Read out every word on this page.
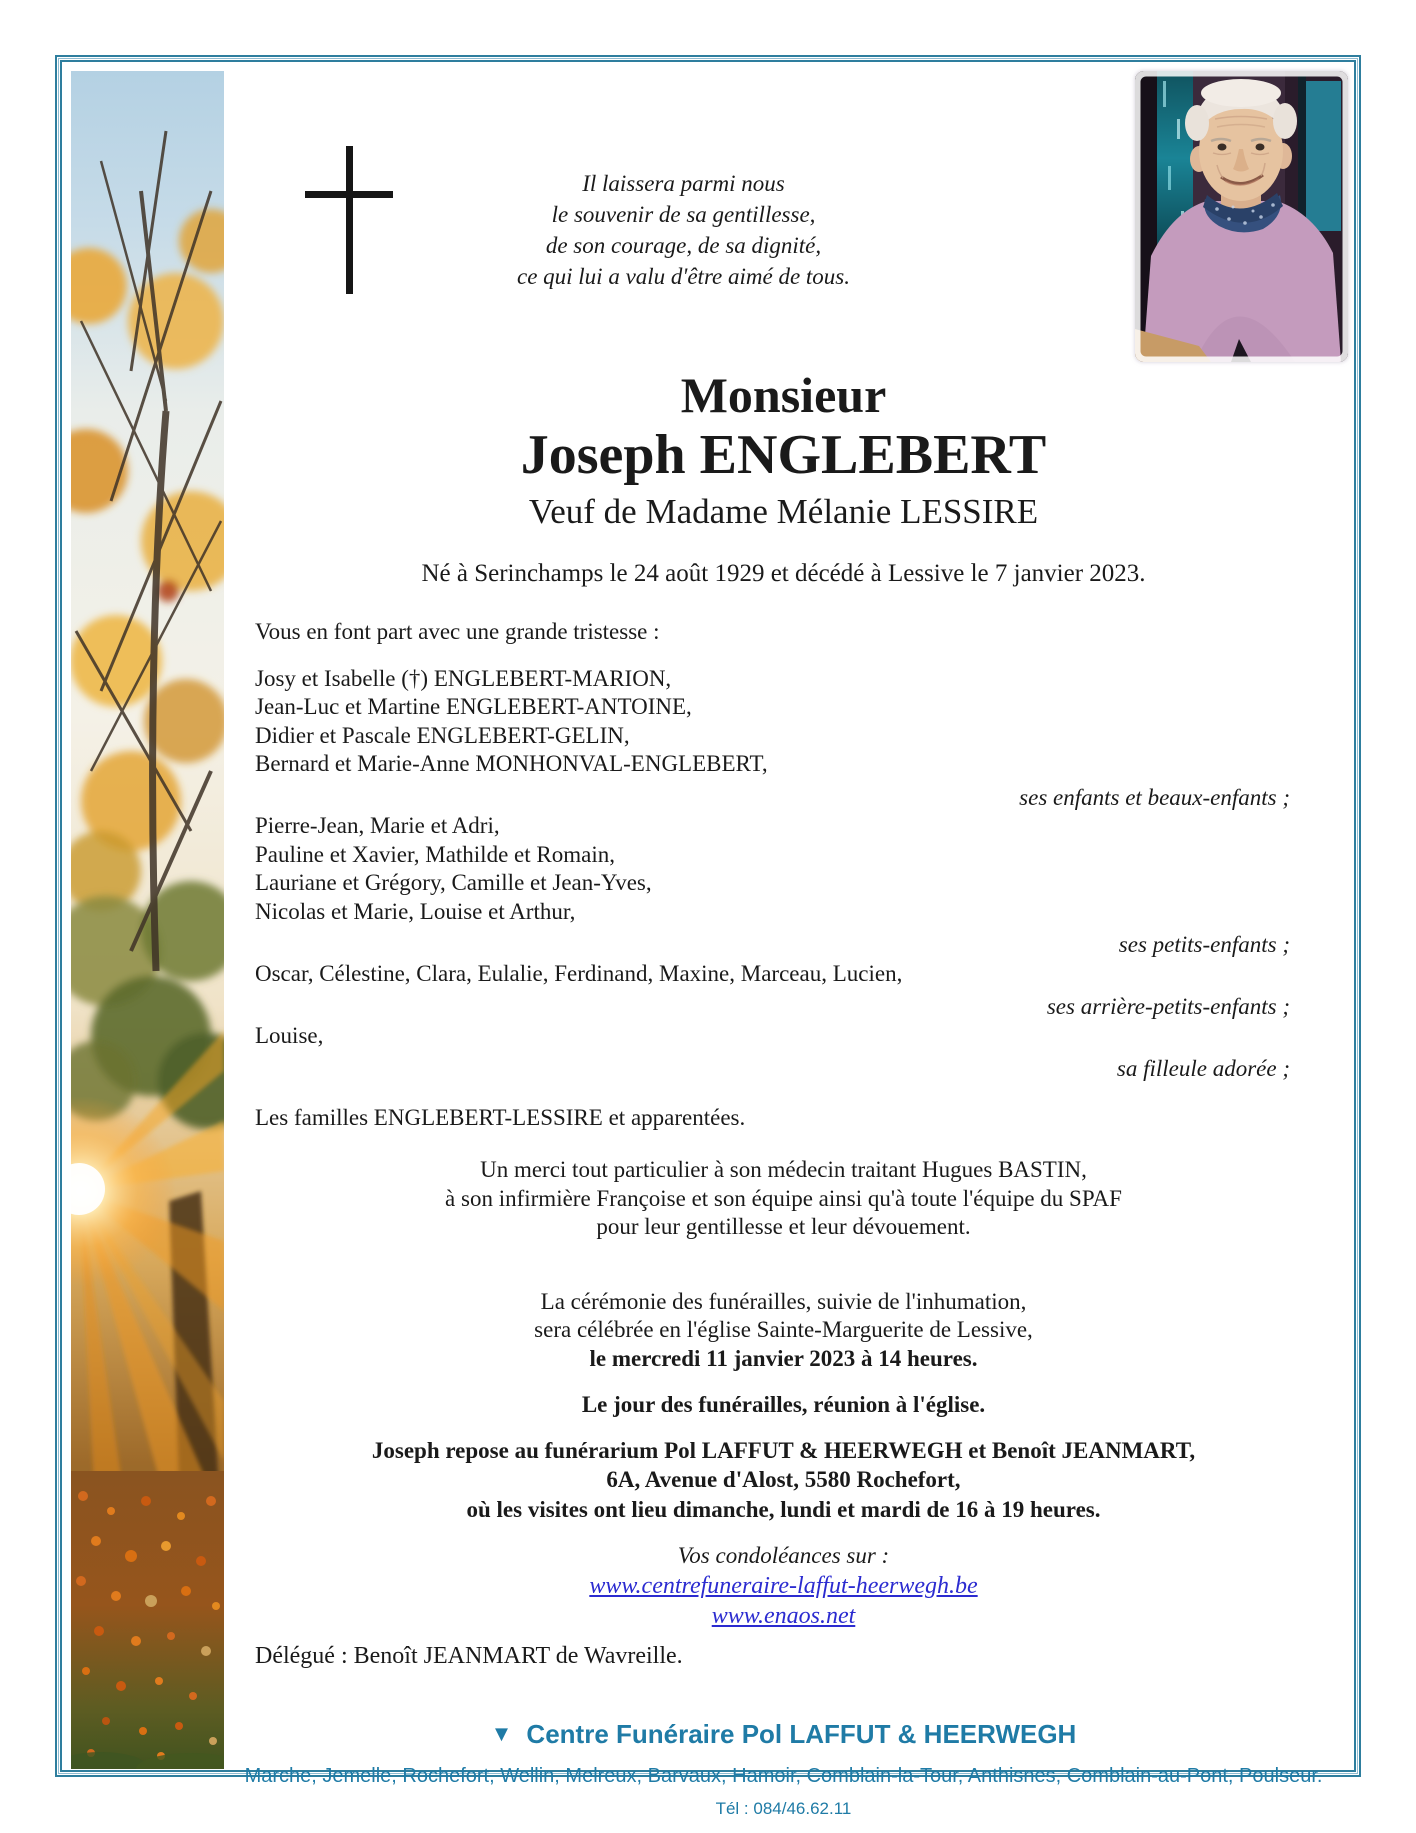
Il laissera parmi nous
le souvenir de sa gentillesse,
de son courage, de sa dignité,
ce qui lui a valu d'être aimé de tous.
Monsieur
Joseph ENGLEBERT
Veuf de Madame Mélanie LESSIRE
Né à Serinchamps le 24 août 1929 et décédé à Lessive le 7 janvier 2023.
Vous en font part avec une grande tristesse :
Josy et Isabelle (†) ENGLEBERT-MARION,
Jean-Luc et Martine ENGLEBERT-ANTOINE,
Didier et Pascale ENGLEBERT-GELIN,
Bernard et Marie-Anne MONHONVAL-ENGLEBERT,
ses enfants et beaux-enfants ;
Pierre-Jean, Marie et Adri,
Pauline et Xavier, Mathilde et Romain,
Lauriane et Grégory, Camille et Jean-Yves,
Nicolas et Marie, Louise et Arthur,
ses petits-enfants ;
Oscar, Célestine, Clara, Eulalie, Ferdinand, Maxine, Marceau, Lucien,
ses arrière-petits-enfants ;
Louise,
sa filleule adorée ;
Les familles ENGLEBERT-LESSIRE et apparentées.
Un merci tout particulier à son médecin traitant Hugues BASTIN,
à son infirmière Françoise et son équipe ainsi qu'à toute l'équipe du SPAF
pour leur gentillesse et leur dévouement.
La cérémonie des funérailles, suivie de l'inhumation,
sera célébrée en l'église Sainte-Marguerite de Lessive,
le mercredi 11 janvier 2023 à 14 heures.
Le jour des funérailles, réunion à l'église.
Joseph repose au funérarium Pol LAFFUT & HEERWEGH et Benoît JEANMART,
6A, Avenue d'Alost, 5580 Rochefort,
où les visites ont lieu dimanche, lundi et mardi de 16 à 19 heures.
Vos condoléances sur :
www.centrefuneraire-laffut-heerwegh.be
www.enaos.net
Délégué : Benoît JEANMART de Wavreille.
▼ Centre Funéraire Pol LAFFUT & HEERWEGH
Marche, Jemelle, Rochefort, Wellin, Melreux, Barvaux, Hamoir, Comblain-la-Tour, Anthisnes, Comblain-au-Pont, Poulseur.
Tél : 084/46.62.11
